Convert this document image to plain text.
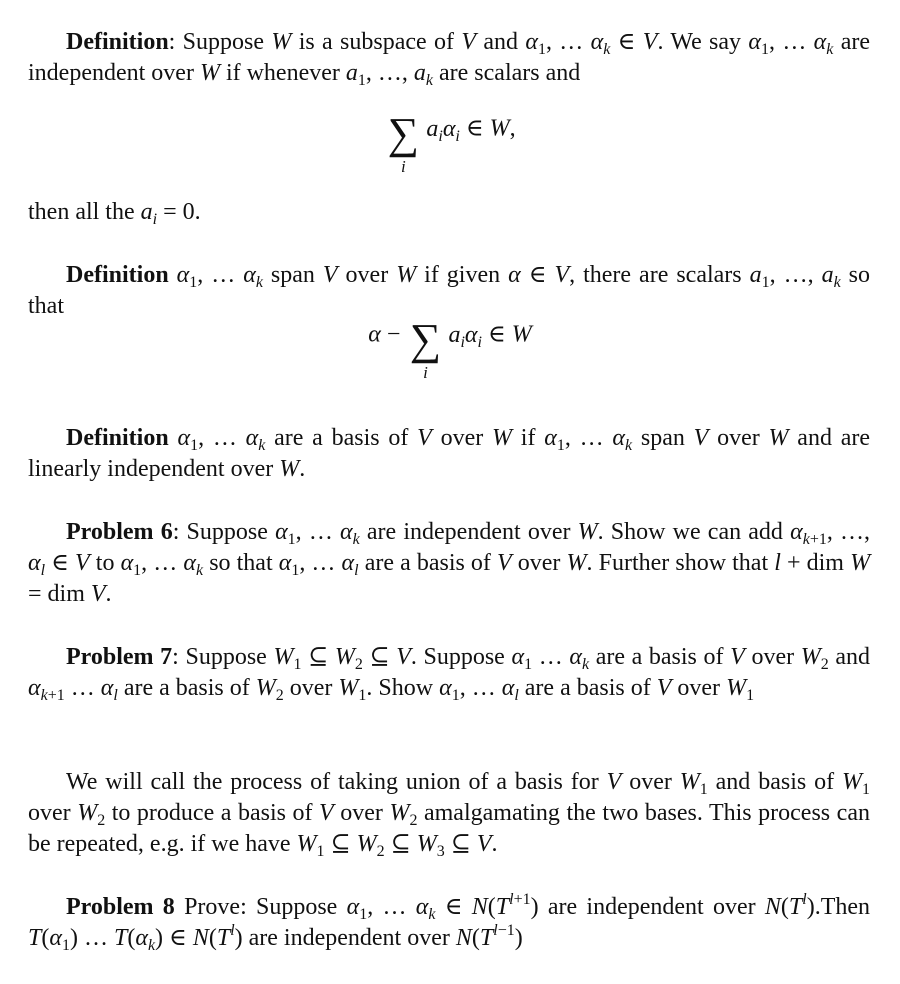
Definition: Suppose W is a subspace of V and $\alpha_1$, … $\alpha_k$ ∈ V. We say $\alpha_1$, … $\alpha_k$ are independent over W if whenever $a_1$, …, $a_k$ are scalars and

∑
i
$a_i\alpha_i$ ∈ W,

then all the $a_i = 0$.

Definition $\alpha_1$, … $\alpha_k$ span V over W if given α ∈ V, there are scalars $a_1$, …, $a_k$ so that

α − ∑
i
$a_i\alpha_i$ ∈ W

Definition $\alpha_1$, … $\alpha_k$ are a basis of V over W if $\alpha_1$, … $\alpha_k$ span V over W and are linearly independent over W.

Problem 6: Suppose $\alpha_1$, … $\alpha_k$ are independent over W. Show we can add $\alpha_{k+1}$, …, $\alpha_l$ ∈ V to $\alpha_1$, … $\alpha_k$ so that $\alpha_1$, … $\alpha_l$ are a basis of V over W. Further show that l + dim W = dim V.

Problem 7: Suppose $W_1$ ⊆ $W_2$ ⊆ V. Suppose $\alpha_1$ … $\alpha_k$ are a basis of V over $W_2$ and $\alpha_{k+1}$ … $\alpha_l$ are a basis of $W_2$ over $W_1$. Show $\alpha_1$, … $\alpha_l$ are a basis of V over $W_1$

We will call the process of taking union of a basis for V over $W_1$ and basis of $W_1$ over $W_2$ to produce a basis of V over $W_2$ amalgamating the two bases. This process can be repeated, e.g. if we have $W_1$ ⊆ $W_2$ ⊆ $W_3$ ⊆ V.

Problem 8 Prove: Suppose $\alpha_1$, … $\alpha_k$ ∈ $N(T^{l+1})$ are independent over $N(T^l).Then$ $T(\alpha_1)$ … $T(\alpha_k)$ ∈ $N(T^l)$ are independent over $N(T^{l-1})$
